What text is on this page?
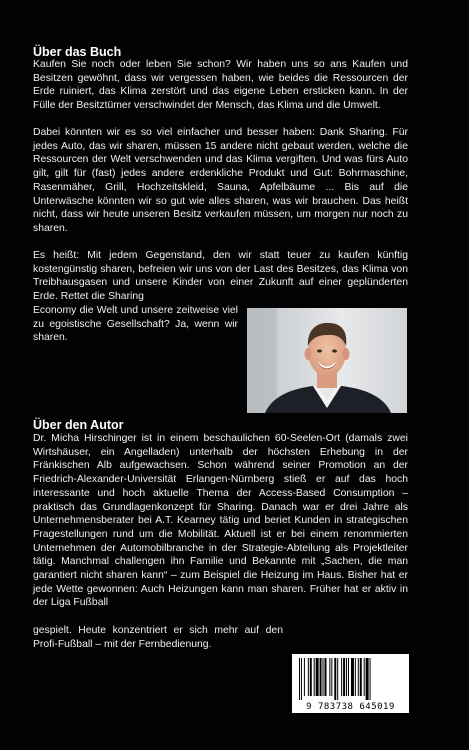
Über das Buch

Kaufen Sie noch oder leben Sie schon? Wir haben uns so ans Kaufen und Besitzen gewöhnt, dass wir vergessen haben, wie beides die Ressourcen der Erde ruiniert, das Klima zerstört und das eigene Leben ersticken kann. In der Fülle der Besitztümer verschwindet der Mensch, das Klima und die Umwelt.

Dabei könnten wir es so viel einfacher und besser haben: Dank Sharing. Für jedes Auto, das wir sharen, müssen 15 andere nicht gebaut werden, welche die Ressourcen der Welt verschwenden und das Klima vergiften. Und was fürs Auto gilt, gilt für (fast) jedes andere erdenkliche Produkt und Gut: Bohrmaschine, Rasenmäher, Grill, Hochzeitskleid, Sauna, Apfelbäume ... Bis auf die Unterwäsche könnten wir so gut wie alles sharen, was wir brauchen. Das heißt nicht, dass wir heute unseren Besitz verkaufen müssen, um morgen nur noch zu sharen.

Es heißt: Mit jedem Gegenstand, den wir statt teuer zu kaufen künftig kostengünstig sharen, befreien wir uns von der Last des Besitzes, das Klima von Treibhausgasen und unsere Kinder von einer Zukunft auf einer geplünderten Erde. Rettet die Sharing

Economy die Welt und unsere zeitweise viel zu egoistische Gesellschaft? Ja, wenn wir sharen.

Über den Autor

Dr. Micha Hirschinger ist in einem beschaulichen 60-Seelen-Ort (damals zwei Wirtshäuser, ein Angelladen) unterhalb der höchsten Erhebung in der Fränkischen Alb aufgewachsen. Schon während seiner Promotion an der Friedrich-Alexander-Universität Erlangen-Nürnberg stieß er auf das hoch interessante und hoch aktuelle Thema der Access-Based Consumption – praktisch das Grundlagenkonzept für Sharing. Danach war er drei Jahre als Unternehmensberater bei A.T. Kearney tätig und beriet Kunden in strategischen Fragestellungen rund um die Mobilität. Aktuell ist er bei einem renommierten Unternehmen der Automobilbranche in der Strategie-Abteilung als Projektleiter tätig. Manchmal challengen ihn Familie und Bekannte mit „Sachen, die man garantiert nicht sharen kann“ – zum Beispiel die Heizung im Haus. Bisher hat er jede Wette gewonnen: Auch Heizungen kann man sharen. Früher hat er aktiv in der Liga Fußball

gespielt. Heute konzentriert er sich mehr auf den Profi-Fußball – mit der Fernbedienung.

9 783738 645019
